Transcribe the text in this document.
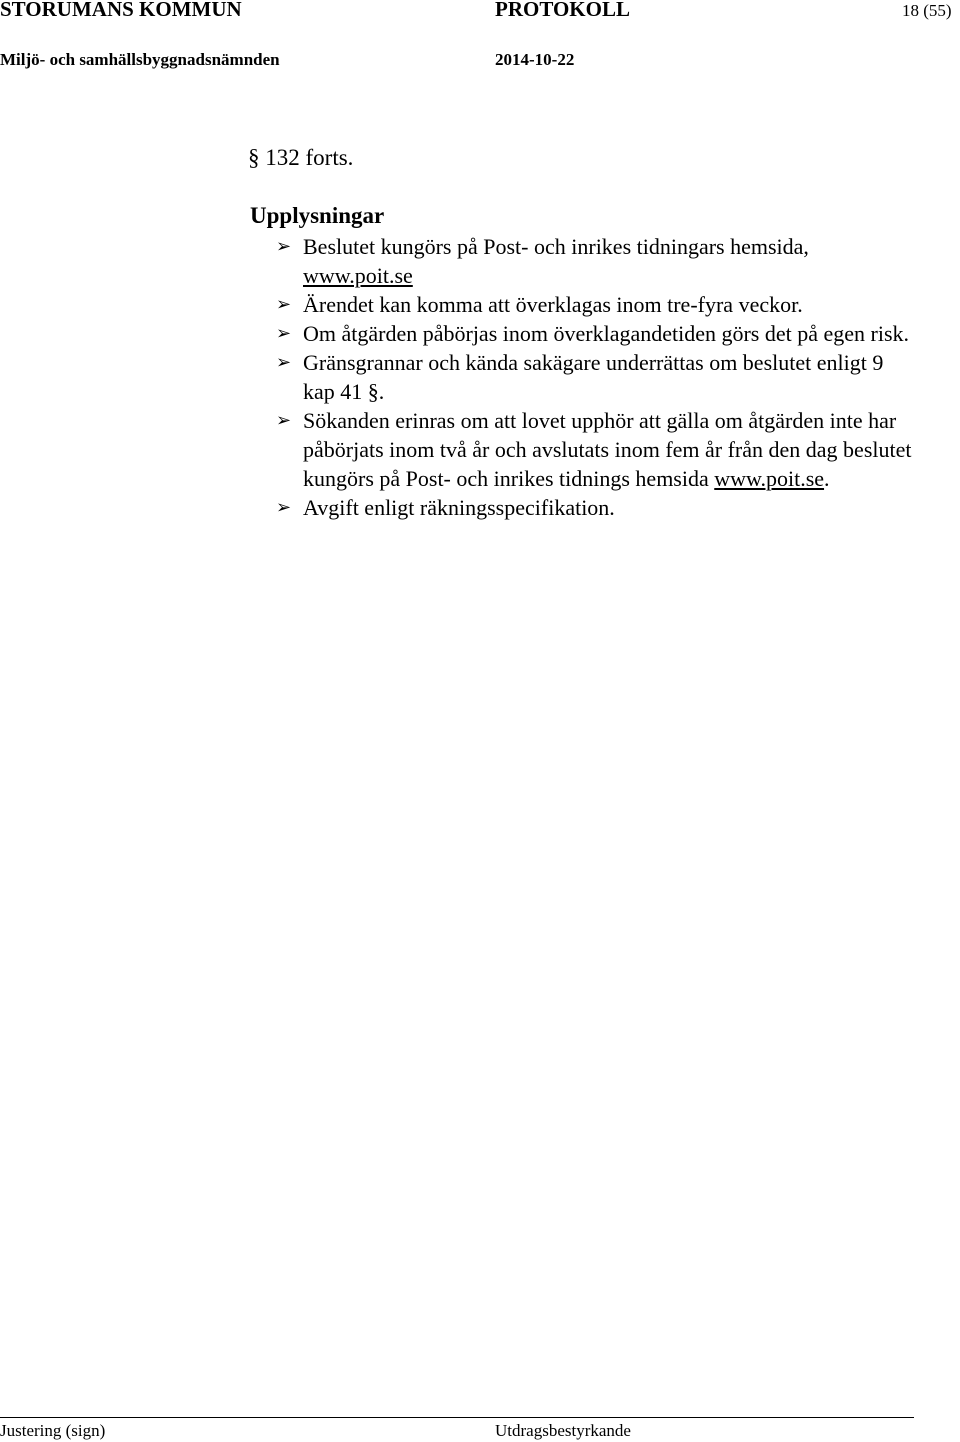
STORUMANS KOMMUN	PROTOKOLL	18 (55)
Miljö- och samhällsbyggnadsnämnden	2014-10-22
§ 132 forts.
Upplysningar
➢ Beslutet kungörs på Post- och inrikes tidningars hemsida,
www.poit.se
➢ Ärendet kan komma att överklagas inom tre-fyra veckor.
➢ Om åtgärden påbörjas inom överklagandetiden görs det på egen risk.
➢ Gränsgrannar och kända sakägare underrättas om beslutet enligt 9 kap 41 §.
➢ Sökanden erinras om att lovet upphör att gälla om åtgärden inte har påbörjats inom två år och avslutats inom fem år från den dag beslutet kungörs på Post- och inrikes tidnings hemsida www.poit.se.
➢ Avgift enligt räkningsspecifikation.
Justering (sign)	Utdragsbestyrkande
